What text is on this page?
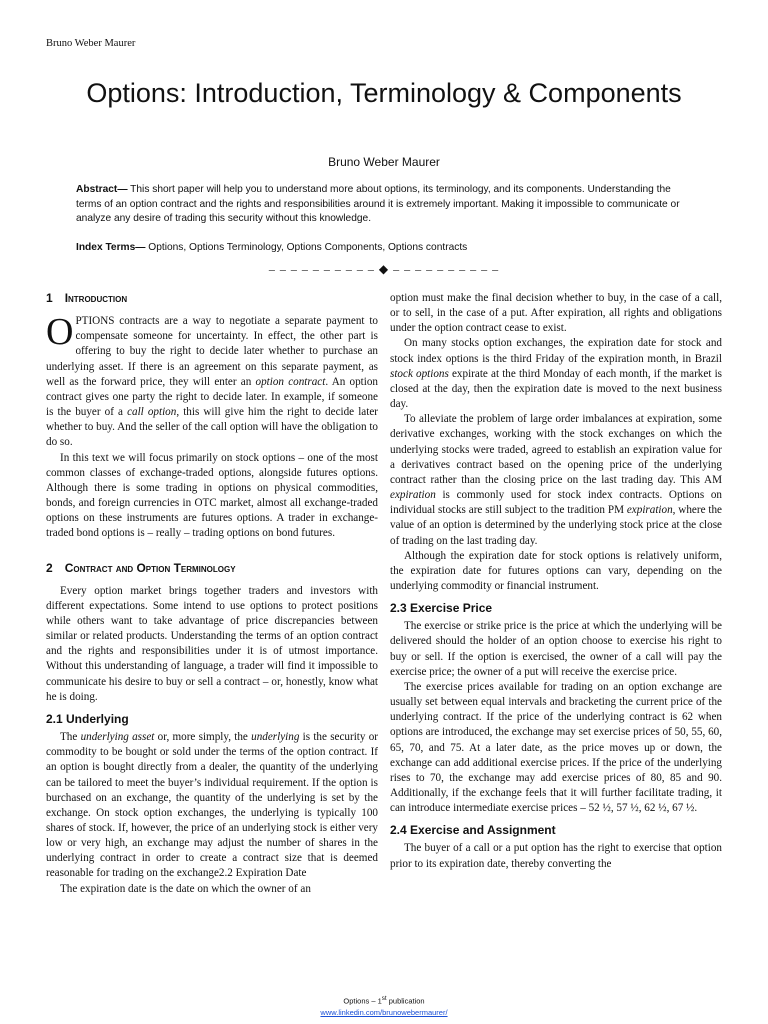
Bruno Weber Maurer
Options: Introduction, Terminology & Components
Bruno Weber Maurer
Abstract— This short paper will help you to understand more about options, its terminology, and its components. Understanding the terms of an option contract and the rights and responsibilities around it is extremely important. Making it impossible to communicate or analyze any desire of trading this security without this knowledge.
Index Terms— Options, Options Terminology, Options Components, Options contracts
– – – – – – – – – – ◆ – – – – – – – – – –
1 Introduction

OPTIONS contracts are a way to negotiate a separate payment to compensate someone for uncertainty. In effect, the other part is offering to buy the right to decide later whether to purchase an underlying asset. If there is an agreement on this separate payment, as well as the forward price, they will enter an option contract. An option contract gives one party the right to decide later. In example, if someone is the buyer of a call option, this will give him the right to decide later whether to buy. And the seller of the call option will have the obligation to do so.

In this text we will focus primarily on stock options – one of the most common classes of exchange-traded options, alongside futures options. Although there is some trading in options on physical commodities, bonds, and foreign currencies in OTC market, almost all exchange-traded options on these instruments are futures options. A trader in exchange-traded bond options is – really – trading options on bond futures.

2 Contract and Option Terminology

Every option market brings together traders and investors with different expectations. Some intend to use options to protect positions while others want to take advantage of price discrepancies between similar or related products. Understanding the terms of an option contract and the rights and responsibilities under it is of utmost importance. Without this understanding of language, a trader will find it impossible to communicate his desire to buy or sell a contract – or, honestly, know what he is doing.

2.1 Underlying

The underlying asset or, more simply, the underlying is the security or commodity to be bought or sold under the terms of the option contract. If an option is bought directly from a dealer, the quantity of the underlying can be tailored to meet the buyer’s individual requirement. If the option is burchased on an exchange, the quantity of the underlying is set by the exchange. On stock option exchanges, the underlying is typically 100 shares of stock. If, however, the price of an underlying stock is either very low or very high, an exchange may adjust the number of shares in the underlying contract in order to create a contract size that is deemed reasonable for trading on the exchange2.2 Expiration Date

The expiration date is the date on which the owner of an

option must make the final decision whether to buy, in the case of a call, or to sell, in the case of a put. After expiration, all rights and obligations under the option contract cease to exist.

On many stocks option exchanges, the expiration date for stock and stock index options is the third Friday of the expiration month, in Brazil stock options expirate at the third Monday of each month, if the market is closed at the day, then the expiration date is moved to the next business day.

To alleviate the problem of large order imbalances at expiration, some derivative exchanges, working with the stock exchanges on which the underlying stocks were traded, agreed to establish an expiration value for a derivatives contract based on the opening price of the underlying contract rather than the closing price on the last trading day. This AM expiration is commonly used for stock index contracts. Options on individual stocks are still subject to the tradition PM expiration, where the value of an option is determined by the underlying stock price at the close of trading on the last trading day.

Although the expiration date for stock options is relatively uniform, the expiration date for futures options can vary, depending on the underlying commodity or financial instrument.

2.3 Exercise Price

The exercise or strike price is the price at which the underlying will be delivered should the holder of an option choose to exercise his right to buy or sell. If the option is exercised, the owner of a call will pay the exercise price; the owner of a put will receive the exercise price.

The exercise prices available for trading on an option exchange are usually set between equal intervals and bracketing the current price of the underlying contract. If the price of the underlying contract is 62 when options are introduced, the exchange may set exercise prices of 50, 55, 60, 65, 70, and 75. At a later date, as the price moves up or down, the exchange can add additional exercise prices. If the price of the underlying rises to 70, the exchange may add exercise prices of 80, 85 and 90. Additionally, if the exchange feels that it will further facilitate trading, it can introduce intermediate exercise prices – 52 ½, 57 ½, 62 ½, 67 ½.

2.4 Exercise and Assignment

The buyer of a call or a put option has the right to exercise that option prior to its expiration date, thereby converting the

Options – 1st publication
www.linkedin.com/brunowebermaurer/
